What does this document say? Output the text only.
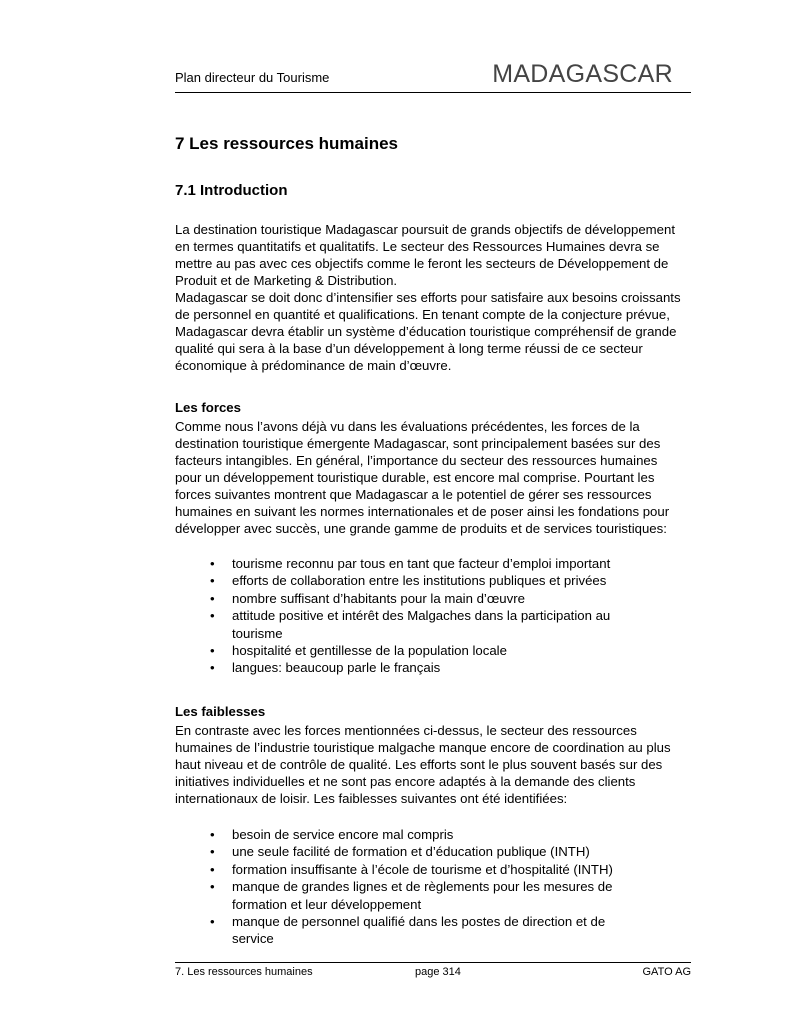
Plan directeur du Tourisme	MADAGASCAR
7 Les ressources humaines
7.1 Introduction
La destination touristique Madagascar poursuit de grands objectifs de développement
en termes quantitatifs et qualitatifs. Le secteur des Ressources Humaines devra se
mettre au pas avec ces objectifs comme le feront les secteurs de Développement de
Produit et de Marketing & Distribution.
Madagascar se doit donc d’intensifier ses efforts pour satisfaire aux besoins croissants
de personnel en quantité et qualifications. En tenant compte de la conjecture prévue,
Madagascar devra établir un système d’éducation touristique compréhensif de grande
qualité qui sera à la base d’un développement à long terme réussi de ce secteur
économique à prédominance de main d’œuvre.
Les forces
Comme nous l’avons déjà vu dans les évaluations précédentes, les forces de la
destination touristique émergente Madagascar, sont principalement basées sur des
facteurs intangibles. En général, l’importance du secteur des ressources humaines
pour un développement touristique durable, est encore mal comprise. Pourtant les
forces suivantes montrent que Madagascar a le potentiel de gérer ses ressources
humaines en suivant les normes internationales et de poser ainsi les fondations pour
développer avec succès, une grande gamme de produits et de services touristiques:
• tourisme reconnu par tous en tant que facteur d’emploi important
• efforts de collaboration entre les institutions publiques et privées
• nombre suffisant d’habitants pour la main d’œuvre
• attitude positive et intérêt des Malgaches dans la participation au
tourisme
• hospitalité et gentillesse de la population locale
• langues: beaucoup parle le français
Les faiblesses
En contraste avec les forces mentionnées ci-dessus, le secteur des ressources
humaines de l’industrie touristique malgache manque encore de coordination au plus
haut niveau et de contrôle de qualité. Les efforts sont le plus souvent basés sur des
initiatives individuelles et ne sont pas encore adaptés à la demande des clients
internationaux de loisir. Les faiblesses suivantes ont été identifiées:
• besoin de service encore mal compris
• une seule facilité de formation et d’éducation publique (INTH)
• formation insuffisante à l’école de tourisme et d’hospitalité (INTH)
• manque de grandes lignes et de règlements pour les mesures de
formation et leur développement
• manque de personnel qualifié dans les postes de direction et de
service
7. Les ressources humaines	page 314	GATO AG
